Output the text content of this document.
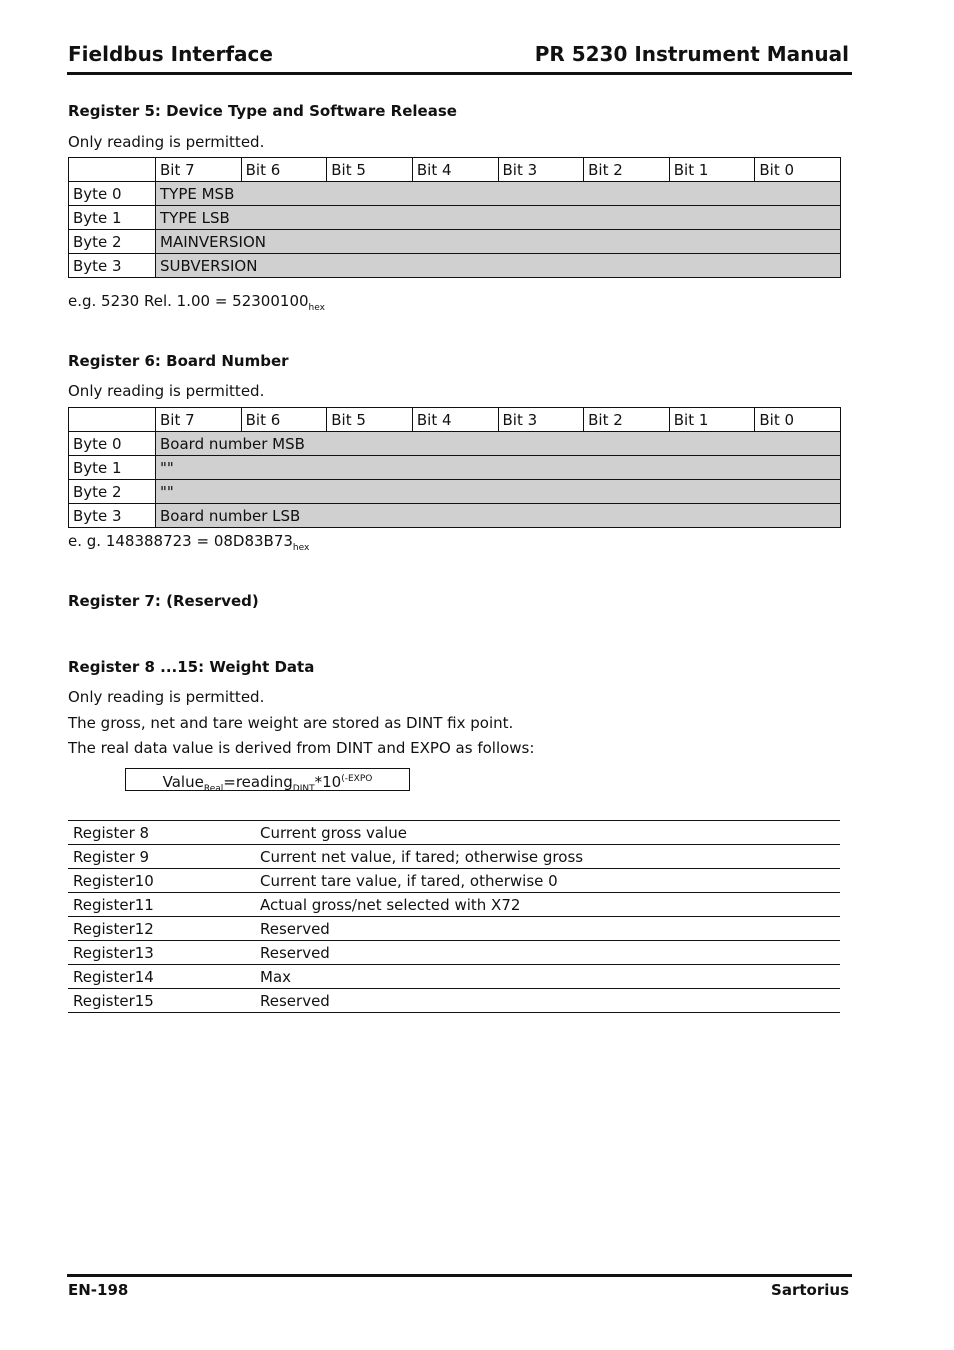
Fieldbus Interface	PR 5230 Instrument Manual
Register 5: Device Type and Software Release
Only reading is permitted.
	Bit 7	Bit 6	Bit 5	Bit 4	Bit 3	Bit 2	Bit 1	Bit 0
Byte 0	TYPE MSB							
Byte 1	TYPE LSB							
Byte 2	MAINVERSION							
Byte 3	SUBVERSION							
e.g. 5230 Rel. $1.00 = 52300100_{hex}$
Register 6: Board Number
Only reading is permitted.
	Bit 7	Bit 6	Bit 5	Bit 4	Bit 3	Bit 2	Bit 1	Bit 0
Byte 0	Board number MSB							
Byte 1	""							
Byte 2	""							
Byte 3	Board number LSB							
e. g. $148388723 = 08D83B73_{hex}$
Register 7: (Reserved)
Register 8 ...15: Weight Data
Only reading is permitted.
The gross, net and tare weight are stored as DINT fix point.
The real data value is derived from DINT and EXPO as follows:
$Value_{Real}=reading_{DINT}*10^{(-EXPO}$
Register 8	Current gross value
Register 9	Current net value, if tared; otherwise gross
Register10	Current tare value, if tared, otherwise 0
Register11	Actual gross/net selected with X72
Register12	Reserved
Register13	Reserved
Register14	Max
Register15	Reserved
EN-198	Sartorius
